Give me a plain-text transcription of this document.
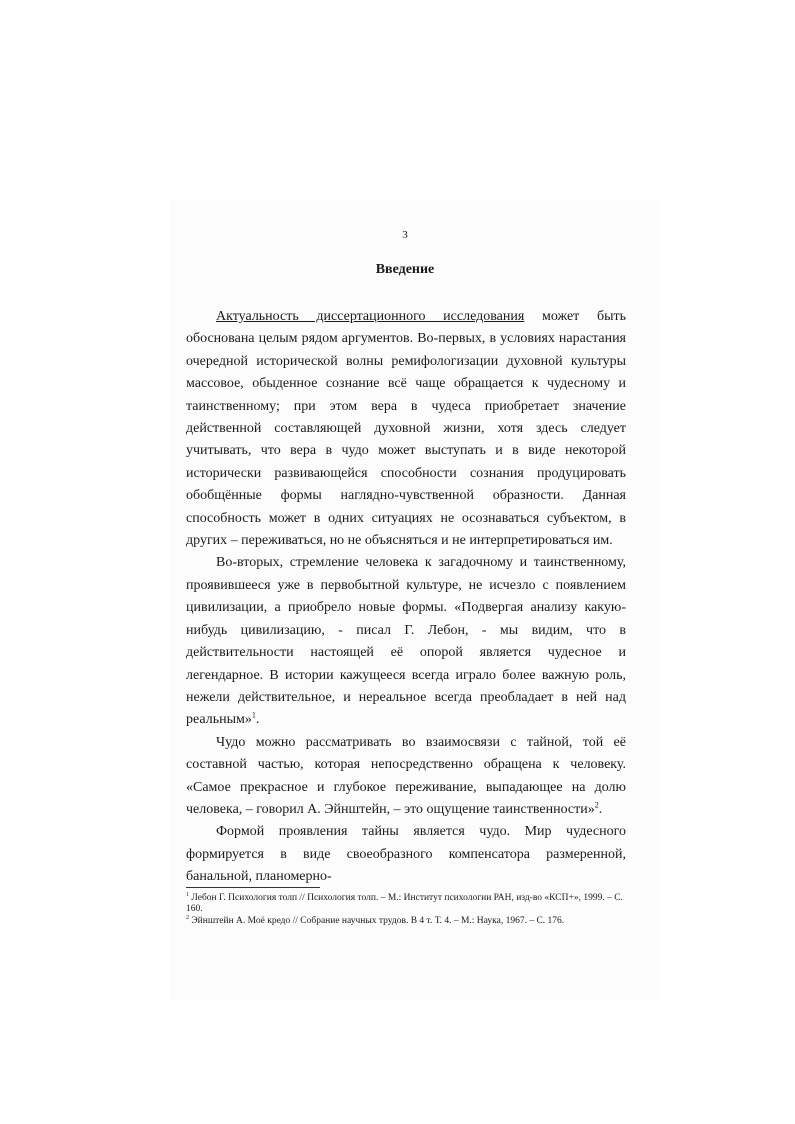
3
Введение

Актуальность диссертационного исследования может быть обоснована целым рядом аргументов. Во-первых, в условиях нарастания очередной исторической волны ремифологизации духовной культуры массовое, обыденное сознание всё чаще обращается к чудесному и таинственному; при этом вера в чудеса приобретает значение действенной составляющей духовной жизни, хотя здесь следует учитывать, что вера в чудо может выступать и в виде некоторой исторически развивающейся способности сознания продуцировать обобщённые формы наглядно-чувственной образности. Данная способность может в одних ситуациях не осознаваться субъектом, в других – переживаться, но не объясняться и не интерпретироваться им.

Во-вторых, стремление человека к загадочному и таинственному, проявившееся уже в первобытной культуре, не исчезло с появлением цивилизации, а приобрело новые формы. «Подвергая анализу какую-нибудь цивилизацию, - писал Г. Лебон, - мы видим, что в действительности настоящей её опорой является чудесное и легендарное. В истории кажущееся всегда играло более важную роль, нежели действительное, и нереальное всегда преобладает в ней над реальным»$^1$.

Чудо можно рассматривать во взаимосвязи с тайной, той её составной частью, которая непосредственно обращена к человеку. «Самое прекрасное и глубокое переживание, выпадающее на долю человека, – говорил А. Эйнштейн, – это ощущение таинственности»$^2$.

Формой проявления тайны является чудо. Мир чудесного формируется в виде своеобразного компенсатора размеренной, банальной, планомерно-

$^1$ Лебон Г. Психология толп // Психология толп. – М.: Институт психологии РАН, изд-во «КСП+», 1999. – С. 160.

$^2$ Эйнштейн А. Моё кредо // Собрание научных трудов. В 4 т. Т. 4. – М.: Наука, 1967. – С. 176.
